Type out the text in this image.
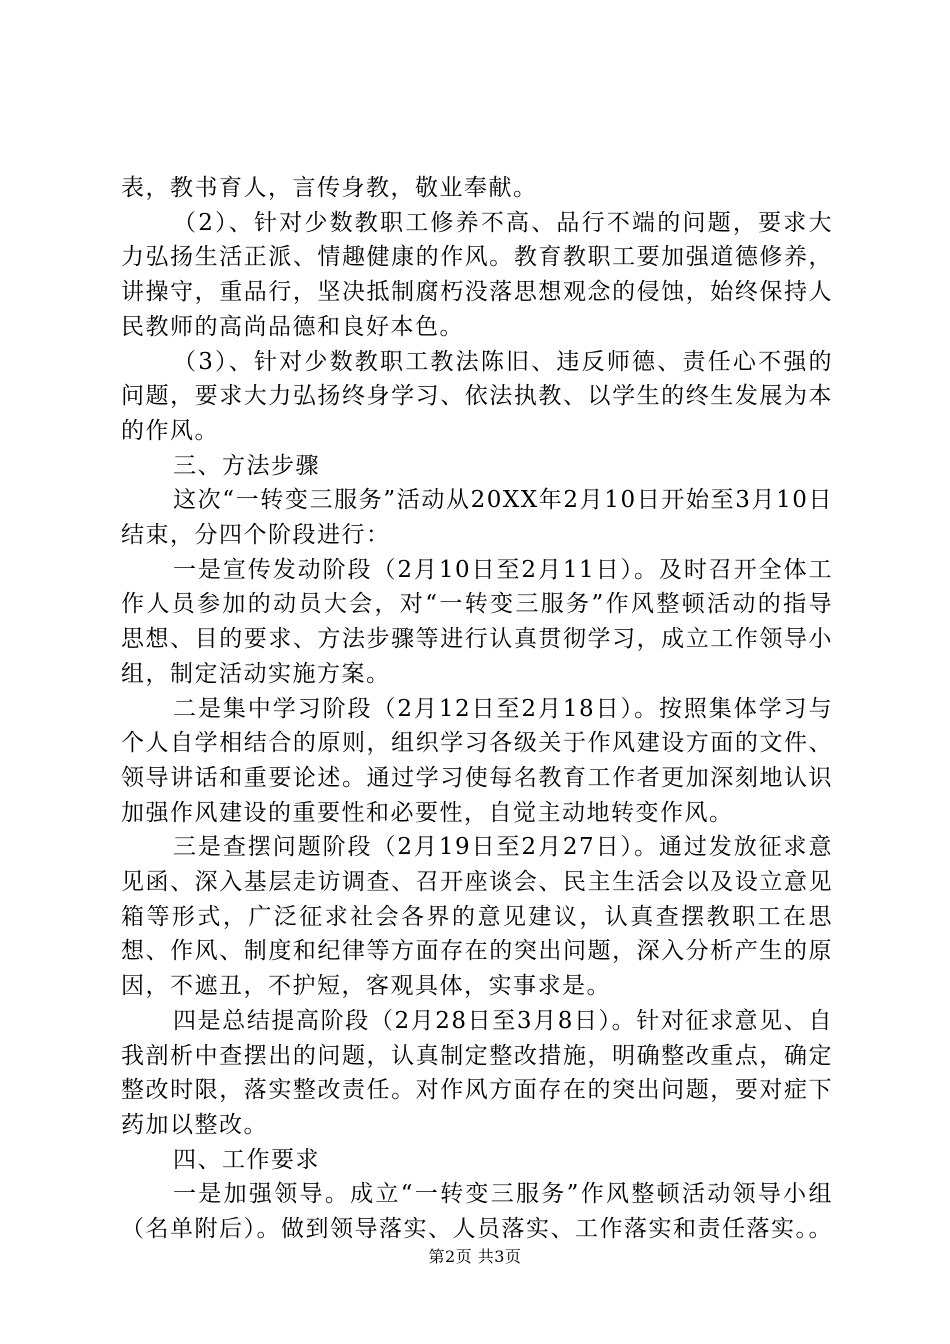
表，教书育人，言传身教，敬业奉献。

（2）、针对少数教职工修养不高、品行不端的问题，要求大力弘扬生活正派、情趣健康的作风。教育教职工要加强道德修养，讲操守，重品行，坚决抵制腐朽没落思想观念的侵蚀，始终保持人民教师的高尚品德和良好本色。

（3）、针对少数教职工教法陈旧、违反师德、责任心不强的问题，要求大力弘扬终身学习、依法执教、以学生的终生发展为本的作风。

三、方法步骤

这次“一转变三服务”活动从20XX年2月10日开始至3月10日结束，分四个阶段进行：

一是宣传发动阶段（2月10日至2月11日）。及时召开全体工作人员参加的动员大会，对“一转变三服务”作风整顿活动的指导思想、目的要求、方法步骤等进行认真贯彻学习，成立工作领导小组，制定活动实施方案。

二是集中学习阶段（2月12日至2月18日）。按照集体学习与个人自学相结合的原则，组织学习各级关于作风建设方面的文件、领导讲话和重要论述。通过学习使每名教育工作者更加深刻地认识加强作风建设的重要性和必要性，自觉主动地转变作风。

三是查摆问题阶段（2月19日至2月27日）。通过发放征求意见函、深入基层走访调查、召开座谈会、民主生活会以及设立意见箱等形式，广泛征求社会各界的意见建议，认真查摆教职工在思想、作风、制度和纪律等方面存在的突出问题，深入分析产生的原因，不遮丑，不护短，客观具体，实事求是。

四是总结提高阶段（2月28日至3月8日）。针对征求意见、自我剖析中查摆出的问题，认真制定整改措施，明确整改重点，确定整改时限，落实整改责任。对作风方面存在的突出问题，要对症下药加以整改。

四、工作要求

一是加强领导。成立“一转变三服务”作风整顿活动领导小组（名单附后）。做到领导落实、人员落实、工作落实和责任落实。。

第2页 共3页
